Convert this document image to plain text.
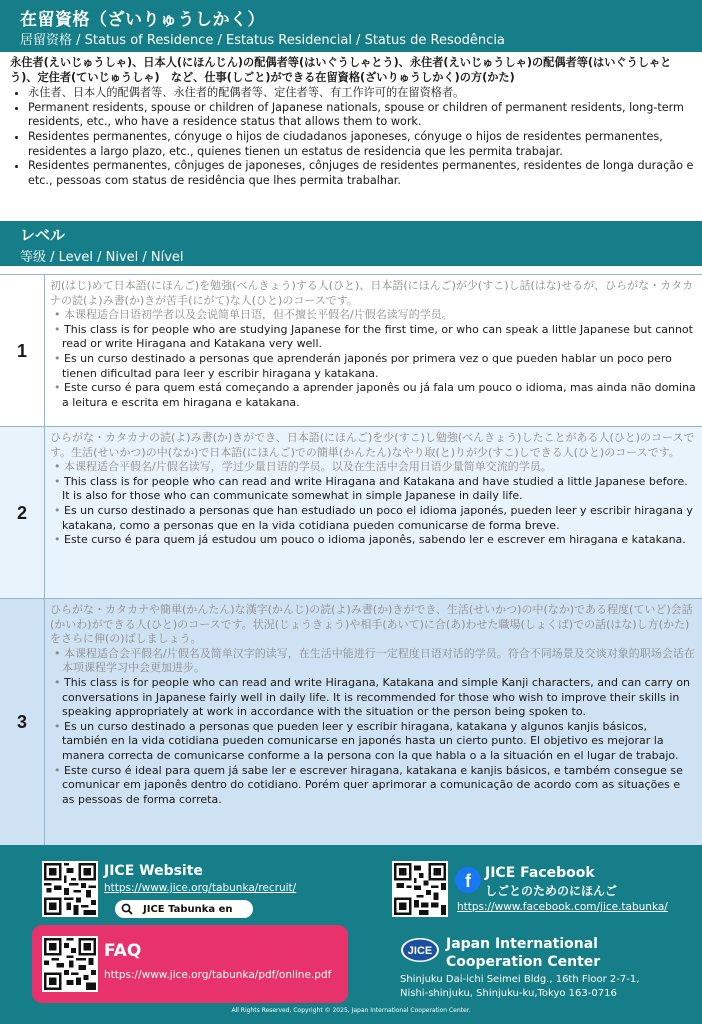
在留資格（ざいりゅうしかく）
居留资格 / Status of Residence / Estatus Residencial / Status de Resodência

永住者(えいじゅうしゃ)、日本人(にほんじん)の配偶者等(はいぐうしゃとう)、永住者(えいじゅうしゃ)の配偶者等(はいぐうしゃとう)、定住者(ていじゅうしゃ)　など、仕事(しごと)ができる在留資格(ざいりゅうしかく)の方(かた)

• 永住者、日本人的配偶者等、永住者的配偶者等、定住者等、有工作许可的在留资格者。
• Permanent residents, spouse or children of Japanese nationals, spouse or children of permanent residents, long-term residents, etc., who have a residence status that allows them to work.
• Residentes permanentes, cónyuge o hijos de ciudadanos japoneses, cónyuge o hijos de residentes permanentes, residentes a largo plazo, etc., quienes tienen un estatus de residencia que les permita trabajar.
• Residentes permanentes, cônjuges de japoneses, cônjuges de residentes permanentes, residentes de longa duração e etc., pessoas com status de residência que lhes permita trabalhar.
レベル
等级 / Level / Nivel / Nível
1

初(はじ)めて日本語(にほんご)を勉強(べんきょう)する人(ひと)、日本語(にほんご)が少(すこ)し話(はな)せるが、ひらがな・カタカナの読(よ)み書(か)きが苦手(にがて)な人(ひと)のコースです。

• 本课程适合日语初学者以及会说简单日语，但不擅长平假名/片假名读写的学员。
• This class is for people who are studying Japanese for the first time, or who can speak a little Japanese but cannot read or write Hiragana and Katakana very well.
• Es un curso destinado a personas que aprenderán japonés por primera vez o que pueden hablar un poco pero tienen dificultad para leer y escribir hiragana y katakana.
• Este curso é para quem está começando a aprender japonês ou já fala um pouco o idioma, mas ainda não domina a leitura e escrita em hiragana e katakana.
2

ひらがな・カタカナの読(よ)み書(か)きができ、日本語(にほんご)を少(すこ)し勉強(べんきょう)したことがある人(ひと)のコースです。生活(せいかつ)の中(なか)で日本語(にほんご)での簡単(かんたん)なやり取(と)りが少(すこ)しできる人(ひと)のコースです。

• 本课程适合平假名/片假名读写，学过少量日语的学员。以及在生活中会用日语少量简单交流的学员。
• This class is for people who can read and write Hiragana and Katakana and have studied a little Japanese before. It is also for those who can communicate somewhat in simple Japanese in daily life.
• Es un curso destinado a personas que han estudiado un poco el idioma japonés, pueden leer y escribir hiragana y katakana, como a personas que en la vida cotidiana pueden comunicarse de forma breve.
• Este curso é para quem já estudou um pouco o idioma japonês, sabendo ler e escrever em hiragana e katakana.
3

ひらがな・カタカナや簡単(かんたん)な漢字(かんじ)の読(よ)み書(か)きができ、生活(せいかつ)の中(なか)である程度(ていど)会話(かいわ)ができる人(ひと)のコースです。状況(じょうきょう)や相手(あいて)に合(あ)わせた職場(しょくば)での話(はな)し方(かた)をさらに伸(の)ばしましょう。

• 本课程适合会平假名/片假名及简单汉字的读写，在生活中能进行一定程度日语对话的学员。符合不同场景及交谈对象的职场会话在本项课程学习中会更加进步。
• This class is for people who can read and write Hiragana, Katakana and simple Kanji characters, and can carry on conversations in Japanese fairly well in daily life. It is recommended for those who wish to improve their skills in speaking appropriately at work in accordance with the situation or the person being spoken to.
• Es un curso destinado a personas que pueden leer y escribir hiragana, katakana y algunos kanjis básicos, también en la vida cotidiana pueden comunicarse en japonés hasta un cierto punto. El objetivo es mejorar la manera correcta de comunicarse conforme a la persona con la que habla o a la situación en el lugar de trabajo.
• Este curso é ideal para quem já sabe ler e escrever hiragana, katakana e kanjis básicos, e também consegue se comunicar em japonês dentro do cotidiano. Porém quer aprimorar a comunicação de acordo com as situações e as pessoas de forma correta.
JICE Website
https://www.jice.org/tabunka/recruit/
JICE Tabunka en
FAQ
https://www.jice.org/tabunka/pdf/online.pdf
f	JICE Facebook
しごとのためのにほんご
https://www.facebook.com/jice.tabunka/
JICE Japan International
Cooperation Center
Shinjuku Dai-ichi Seimei Bldg., 16th Floor 2-7-1,
Nishi-shinjuku, Shinjuku-ku,Tokyo 163-0716
All Rights Reserved, Copyright © 2025, Japan International Cooperation Center.
